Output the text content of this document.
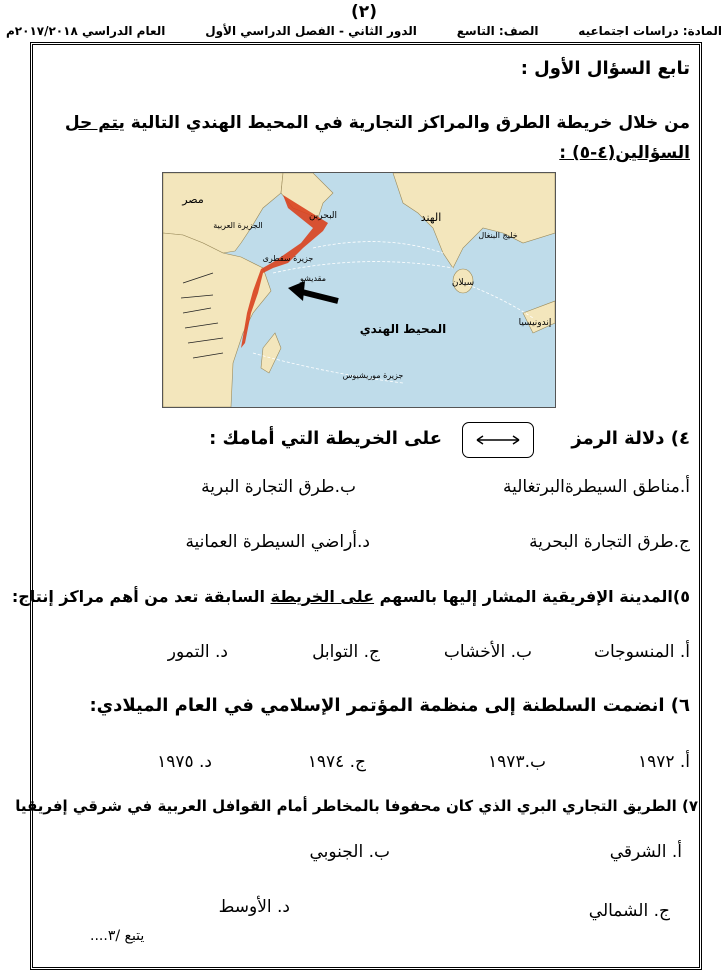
(٢)
المادة: دراسات اجتماعيه
الصف: التاسع
الدور الثاني - الفصل الدراسي الأول
العام الدراسي ٢٠١٧/٢٠١٨م
تابع السؤال الأول :
من خلال خريطة الطرق والمراكز التجارية في المحيط الهندي التالية يتم حل
السؤالين(٤-٥) :
البحرين
الجزيرة العربية
مصر
الهند
خليج البنغال
سيلان
المحيط الهندي
جزيرة سقطرى
مقديشو
جزيرة موريشيوس
إندونيسيا
٤) دلالة الرمز
على الخريطة التي أمامك :
أ.مناطق السيطرةالبرتغالية
ب.طرق التجارة البرية
ج.طرق التجارة البحرية
د.أراضي السيطرة العمانية
٥)المدينة الإفريقية المشار إليها بالسهم على الخريطة السابقة تعد من أهم مراكز إنتاج:
أ. المنسوجات
ب. الأخشاب
ج. التوابل
د. التمور
٦) انضمت السلطنة إلى منظمة المؤتمر الإسلامي في العام الميلادي:
أ. ١٩٧٢
ب.١٩٧٣
ج. ١٩٧٤
د. ١٩٧٥
٧) الطريق التجاري البري الذي كان محفوفا بالمخاطر أمام القوافل العربية في شرقي إفريقيا
أ. الشرقي
ب. الجنوبي
ج. الشمالي
د. الأوسط
يتبع /٣....
